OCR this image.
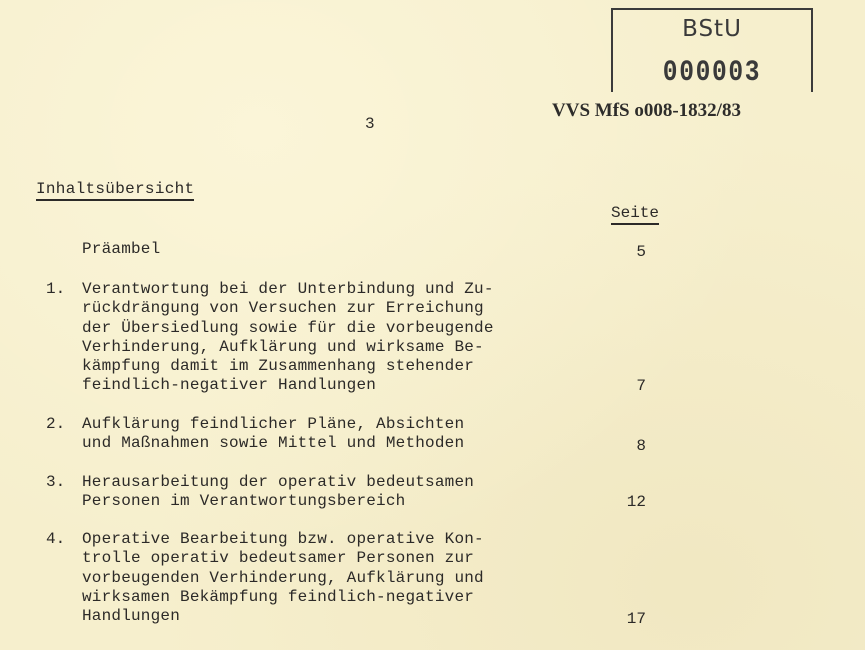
BStU
000003
VVS MfS o008-1832/83
3
Inhaltsübersicht
Seite
Präambel	5
1. Verantwortung bei der Unterbindung und Zu-
rückdrängung von Versuchen zur Erreichung
der Übersiedlung sowie für die vorbeugende
Verhinderung, Aufklärung und wirksame Be-
kämpfung damit im Zusammenhang stehender
feindlich-negativer Handlungen	7
2. Aufklärung feindlicher Pläne, Absichten
und Maßnahmen sowie Mittel und Methoden	8
3. Herausarbeitung der operativ bedeutsamen
Personen im Verantwortungsbereich	12
4. Operative Bearbeitung bzw. operative Kon-
trolle operativ bedeutsamer Personen zur
vorbeugenden Verhinderung, Aufklärung und
wirksamen Bekämpfung feindlich-negativer
Handlungen	17
